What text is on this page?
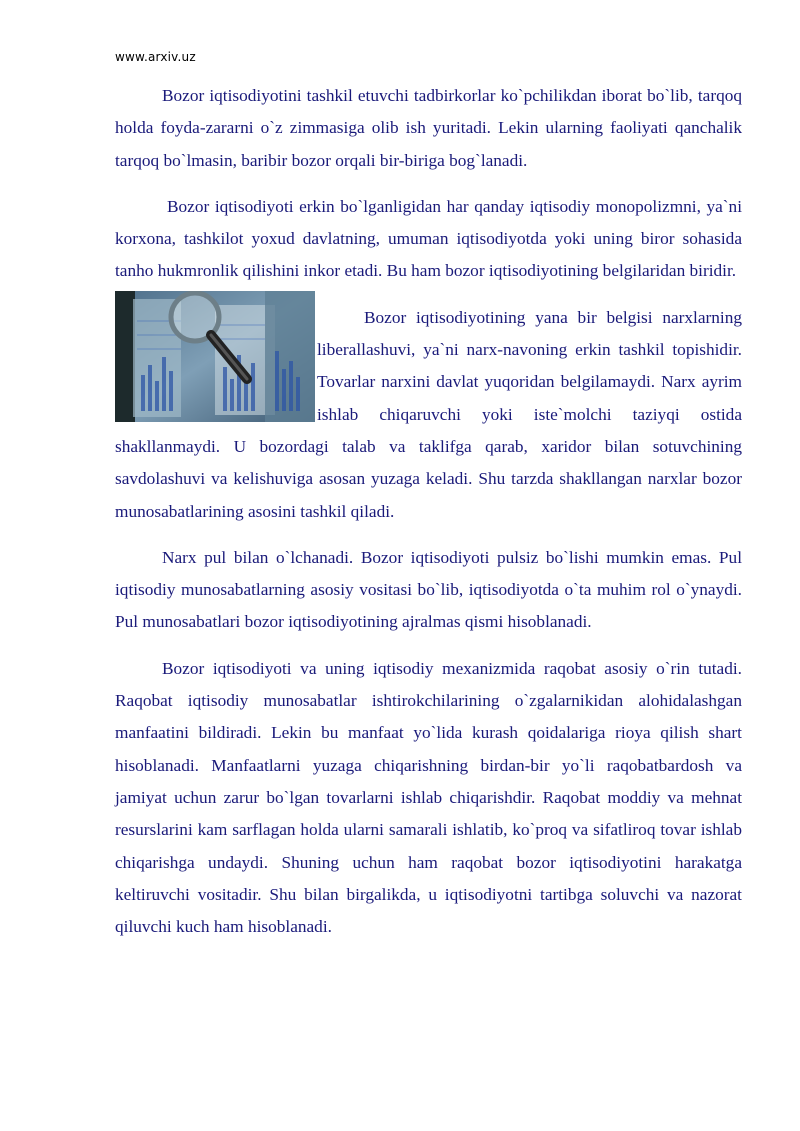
www.arxiv.uz

Bozor iqtisodiyotini tashkil etuvchi tadbirkorlar ko`pchilikdan iborat bo`lib, tarqoq holda foyda-zararni o`z zimmasiga olib ish yuritadi. Lekin ularning faoliyati qanchalik tarqoq bo`lmasin, baribir bozor orqali bir-biriga bog`lanadi.

Bozor iqtisodiyoti erkin bo`lganligidan har qanday iqtisodiy monopolizmni, ya`ni korxona, tashkilot yoxud davlatning, umuman iqtisodiyotda yoki uning biror sohasida tanho hukmronlik qilishini inkor etadi. Bu ham bozor iqtisodiyotining belgilaridan biridir.

Bozor iqtisodiyotining yana bir belgisi narxlarning liberallashuvi, ya`ni narx-navoning erkin tashkil topishidir. Tovarlar narxini davlat yuqoridan belgilamaydi. Narx ayrim ishlab chiqaruvchi yoki iste`molchi taziyqi ostida shakllanmaydi. U bozordagi talab va taklifga qarab, xaridor bilan sotuvchining savdolashuvi va kelishuviga asosan yuzaga keladi. Shu tarzda shakllangan narxlar bozor munosabatlarining asosini tashkil qiladi.

Narx pul bilan o`lchanadi. Bozor iqtisodiyoti pulsiz bo`lishi mumkin emas. Pul iqtisodiy munosabatlarning asosiy vositasi bo`lib, iqtisodiyotda o`ta muhim rol o`ynaydi. Pul munosabatlari bozor iqtisodiyotining ajralmas qismi hisoblanadi.

Bozor iqtisodiyoti va uning iqtisodiy mexanizmida raqobat asosiy o`rin tutadi. Raqobat iqtisodiy munosabatlar ishtirokchilarining o`zgalarnikidan alohidalashgan manfaatini bildiradi. Lekin bu manfaat yo`lida kurash qoidalariga rioya qilish shart hisoblanadi. Manfaatlarni yuzaga chiqarishning birdan-bir yo`li raqobatbardosh va jamiyat uchun zarur bo`lgan tovarlarni ishlab chiqarishdir. Raqobat moddiy va mehnat resurslarini kam sarflagan holda ularni samarali ishlatib, ko`proq va sifatliroq tovar ishlab chiqarishga undaydi. Shuning uchun ham raqobat bozor iqtisodiyotini harakatga keltiruvchi vositadir. Shu bilan birgalikda, u iqtisodiyotni tartibga soluvchi va nazorat qiluvchi kuch ham hisoblanadi.
